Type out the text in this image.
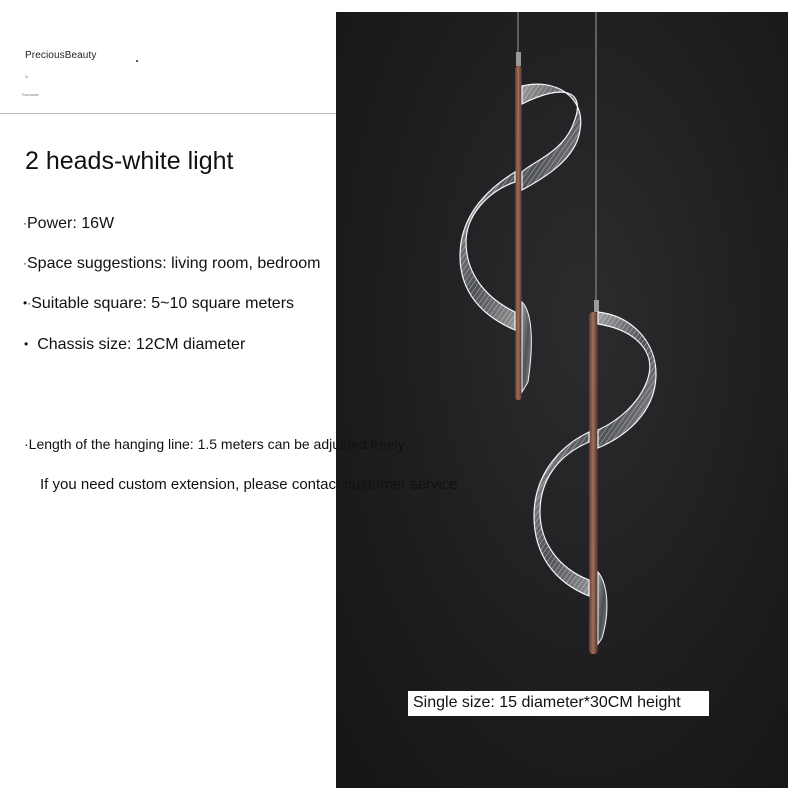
PreciousBeauty
✧
Romantic
2 heads-white light
·Power: 16W
·Space suggestions: living room, bedroom
•·Suitable square: 5~10 square meters
• Chassis size: 12CM diameter
·Length of the hanging line: 1.5 meters can be adjusted freely
If you need custom extension, please contact customer service
Single size: 15 diameter*30CM height
